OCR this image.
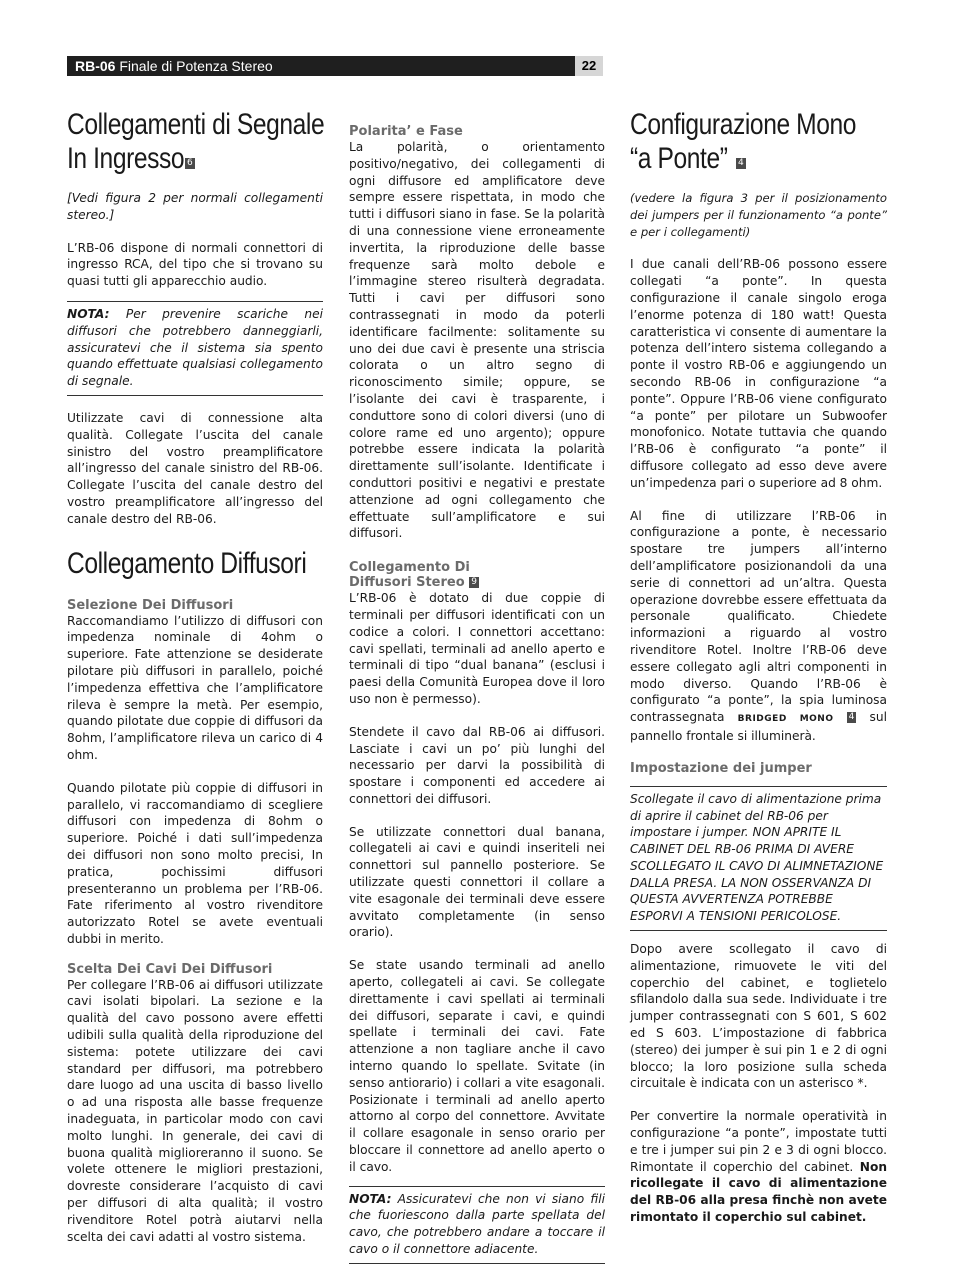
RB-06 Finale di Potenza Stereo	22
Collegamenti di Segnale
In Ingresso 6

[Vedi figura 2 per normali collegamenti stereo.]

L’RB-06 dispone di normali connettori di ingresso RCA, del tipo che si trovano su quasi tutti gli apparecchio audio.

NOTA: Per prevenire scariche nei diffusori che potrebbero danneggiarli, assicuratevi che il sistema sia spento quando effettuate qualsiasi collegamento di segnale.

Utilizzate cavi di connessione alta qualità. Collegate l’uscita del canale sinistro del vostro preamplificatore all’ingresso del canale sinistro del RB-06. Collegate l’uscita del canale destro del vostro preamplificatore all’ingresso del canale destro del RB-06.

Collegamento Diffusori
Selezione Dei Diffusori

Raccomandiamo l’utilizzo di diffusori con impedenza nominale di 4ohm o superiore. Fate attenzione se desiderate pilotare più diffusori in parallelo, poiché l’impedenza effettiva che l’amplificatore rileva è sempre la metà. Per esempio, quando pilotate due coppie di diffusori da 8ohm, l’amplificatore rileva un carico di 4 ohm.

Quando pilotate più coppie di diffusori in parallelo, vi raccomandiamo di scegliere diffusori con impedenza di 8ohm o superiore. Poiché i dati sull’impedenza dei diffusori non sono molto precisi, In pratica, pochissimi diffusori presenteranno un problema per l’RB-06. Fate riferimento al vostro rivenditore autorizzato Rotel se avete eventuali dubbi in merito.

Scelta Dei Cavi Dei Diffusori

Per collegare l’RB-06 ai diffusori utilizzate cavi isolati bipolari. La sezione e la qualità del cavo possono avere effetti udibili sulla qualità della riproduzione del sistema: potete utilizzare dei cavi standard per diffusori, ma potrebbero dare luogo ad una uscita di basso livello o ad una risposta alle basse frequenze inadeguata, in particolar modo con cavi molto lunghi. In generale, dei cavi di buona qualità miglioreranno il suono. Se volete ottenere le migliori prestazioni, dovreste considerare l’acquisto di cavi per diffusori di alta qualità; il vostro rivenditore Rotel potrà aiutarvi nella scelta dei cavi adatti al vostro sistema.

Polarita’ e Fase

La polarità, o orientamento positivo/negativo, dei collegamenti di ogni diffusore ed amplificatore deve sempre essere rispettata, in modo che tutti i diffusori siano in fase. Se la polarità di una connessione viene erroneamente invertita, la riproduzione delle basse frequenze sarà molto debole e l’immagine stereo risulterà degradata. Tutti i cavi per diffusori sono contrassegnati in modo da poterli identificare facilmente: solitamente su uno dei due cavi è presente una striscia colorata o un altro segno di riconoscimento simile; oppure, se l’isolante dei cavi è trasparente, i conduttore sono di colori diversi (uno di colore rame ed uno argento); oppure potrebbe essere indicata la polarità direttamente sull’isolante. Identificate i conduttori positivi e negativi e prestate attenzione ad ogni collegamento che effettuate sull’amplificatore e sui diffusori.

Collegamento Di
Diffusori Stereo 9

L’RB-06 è dotato di due coppie di terminali per diffusori identificati con un codice a colori. I connettori accettano: cavi spellati, terminali ad anello aperto e terminali di tipo “dual banana” (esclusi i paesi della Comunità Europea dove il loro uso non è permesso).

Stendete il cavo dal RB-06 ai diffusori. Lasciate i cavi un po’ più lunghi del necessario per darvi la possibilità di spostare i componenti ed accedere ai connettori dei diffusori.

Se utilizzate connettori dual banana, collegateli ai cavi e quindi inseriteli nei connettori sul pannello posteriore. Se utilizzate questi connettori il collare a vite esagonale dei terminali deve essere avvitato completamente (in senso orario).

Se state usando terminali ad anello aperto, collegateli ai cavi. Se collegate direttamente i cavi spellati ai terminali dei diffusori, separate i cavi, e quindi spellate i terminali dei cavi. Fate attenzione a non tagliare anche il cavo interno quando lo spellate. Svitate (in senso antiorario) i collari a vite esagonali. Posizionate i terminali ad anello aperto attorno al corpo del connettore. Avvitate il collare esagonale in senso orario per bloccare il connettore ad anello aperto o il cavo.

NOTA: Assicuratevi che non vi siano fili che fuoriescono dalla parte spellata del cavo, che potrebbero andare a toccare il cavo o il connettore adiacente.

Configurazione Mono
“a Ponte”	4

(vedere la figura 3 per il posizionamento dei jumpers per il funzionamento “a ponte” e per i collegamenti)

I due canali dell’RB-06 possono essere collegati “a ponte”. In questa configurazione il canale singolo eroga l’enorme potenza di 180 watt! Questa caratteristica vi consente di aumentare la potenza dell’intero sistema collegando a ponte il vostro RB-06 e aggiungendo un secondo RB-06 in configurazione “a ponte”. Oppure l’RB-06 viene configurato “a ponte” per pilotare un Subwoofer monofonico. Notate tuttavia che quando l’RB-06 è configurato “a ponte” il diffusore collegato ad esso deve avere un’impedenza pari o superiore ad 8 ohm.

Al fine di utilizzare l’RB-06 in configurazione a ponte, è necessario spostare tre jumpers all’interno dell’amplificatore posizionandoli da una serie di connettori ad un’altra. Questa operazione dovrebbe essere effettuata da personale qualificato. Chiedete informazioni a riguardo al vostro rivenditore Rotel. Inoltre l’RB-06 deve essere collegato agli altri componenti in modo diverso. Quando l’RB-06 è configurato “a ponte”, la spia luminosa contrassegnata BRIDGED MONO 4 sul pannello frontale si illuminerà.

Impostazione dei jumper

Scollegate il cavo di alimentazione prima di aprire il cabinet del RB-06 per impostare i jumper. NON APRITE IL CABINET DEL RB-06 PRIMA DI AVERE SCOLLEGATO IL CAVO DI ALIMNETAZIONE DALLA PRESA. LA NON OSSERVANZA DI QUESTA AVVERTENZA POTREBBE ESPORVI A TENSIONI PERICOLOSE.

Dopo avere scollegato il cavo di alimentazione, rimuovete le viti del coperchio del cabinet, e toglietelo sfilandolo dalla sua sede. Individuate i tre jumper contrassegnati con S 601, S 602 ed S 603. L’impostazione di fabbrica (stereo) dei jumper è sui pin 1 e 2 di ogni blocco; la loro posizione sulla scheda circuitale è indicata con un asterisco *.

Per convertire la normale operatività in configurazione “a ponte”, impostate tutti e tre i jumper sui pin 2 e 3 di ogni blocco. Rimontate il coperchio del cabinet. Non ricollegate il cavo di alimentazione del RB-06 alla presa finchè non avete rimontato il coperchio sul cabinet.
